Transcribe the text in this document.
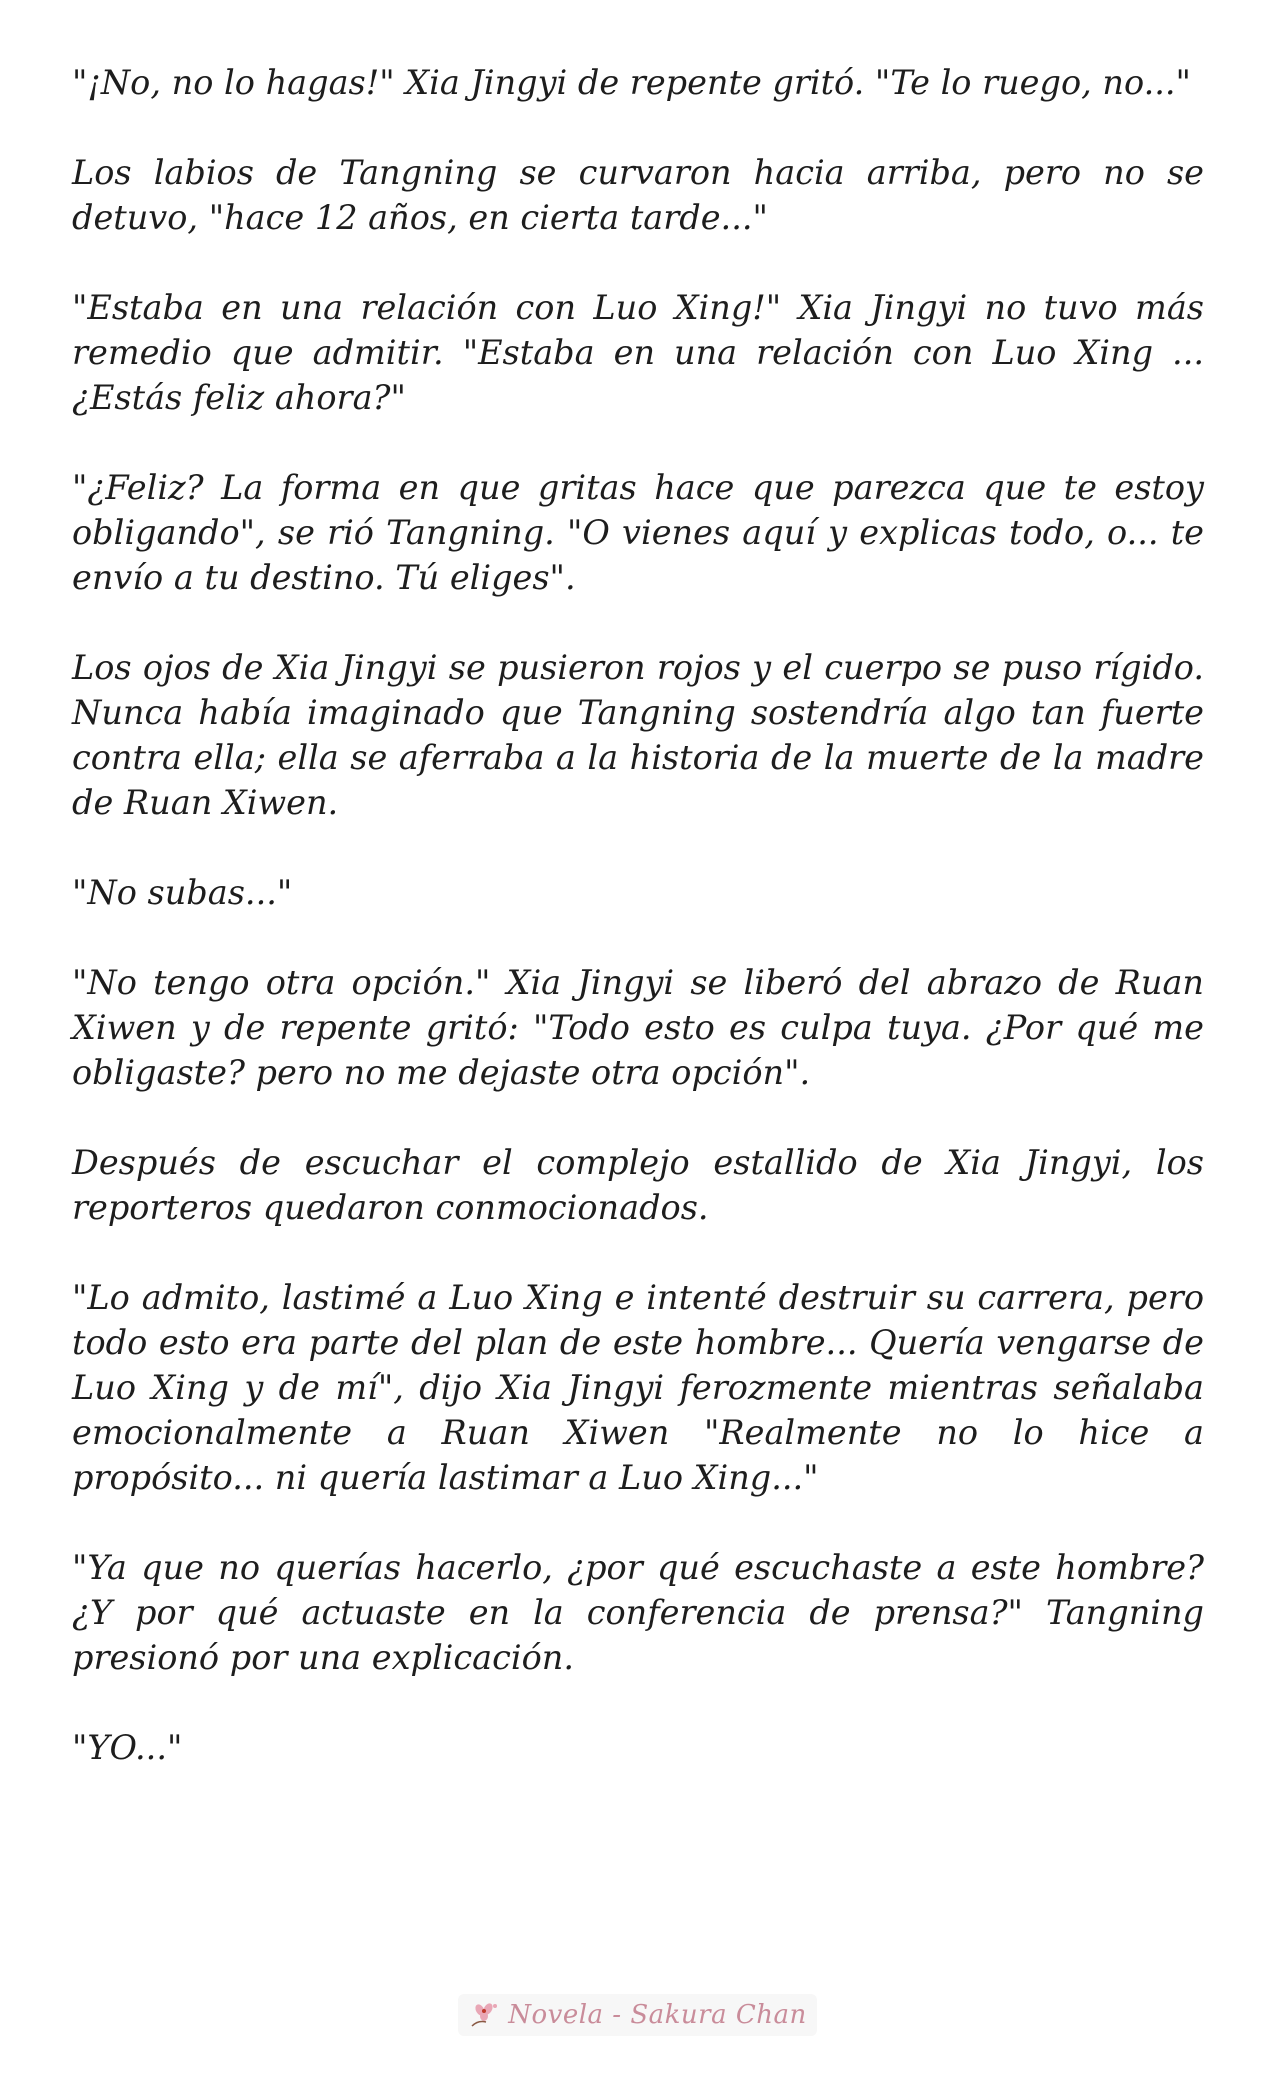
"¡No, no lo hagas!" Xia Jingyi de repente gritó. "Te lo ruego, no..."

Los labios de Tangning se curvaron hacia arriba, pero no se detuvo, "hace 12 años, en cierta tarde..."

"Estaba en una relación con Luo Xing!" Xia Jingyi no tuvo más remedio que admitir. "Estaba en una relación con Luo Xing ... ¿Estás feliz ahora?"

"¿Feliz? La forma en que gritas hace que parezca que te estoy obligando", se rió Tangning. "O vienes aquí y explicas todo, o... te envío a tu destino. Tú eliges".

Los ojos de Xia Jingyi se pusieron rojos y el cuerpo se puso rígido. Nunca había imaginado que Tangning sostendría algo tan fuerte contra ella; ella se aferraba a la historia de la muerte de la madre de Ruan Xiwen.

"No subas..."

"No tengo otra opción." Xia Jingyi se liberó del abrazo de Ruan Xiwen y de repente gritó: "Todo esto es culpa tuya. ¿Por qué me obligaste? pero no me dejaste otra opción".

Después de escuchar el complejo estallido de Xia Jingyi, los reporteros quedaron conmocionados.

"Lo admito, lastimé a Luo Xing e intenté destruir su carrera, pero todo esto era parte del plan de este hombre... Quería vengarse de Luo Xing y de mí", dijo Xia Jingyi ferozmente mientras señalaba emocionalmente a Ruan Xiwen "Realmente no lo hice a propósito... ni quería lastimar a Luo Xing..."

"Ya que no querías hacerlo, ¿por qué escuchaste a este hombre? ¿Y por qué actuaste en la conferencia de prensa?" Tangning presionó por una explicación.

"YO..."

Novela - Sakura Chan
